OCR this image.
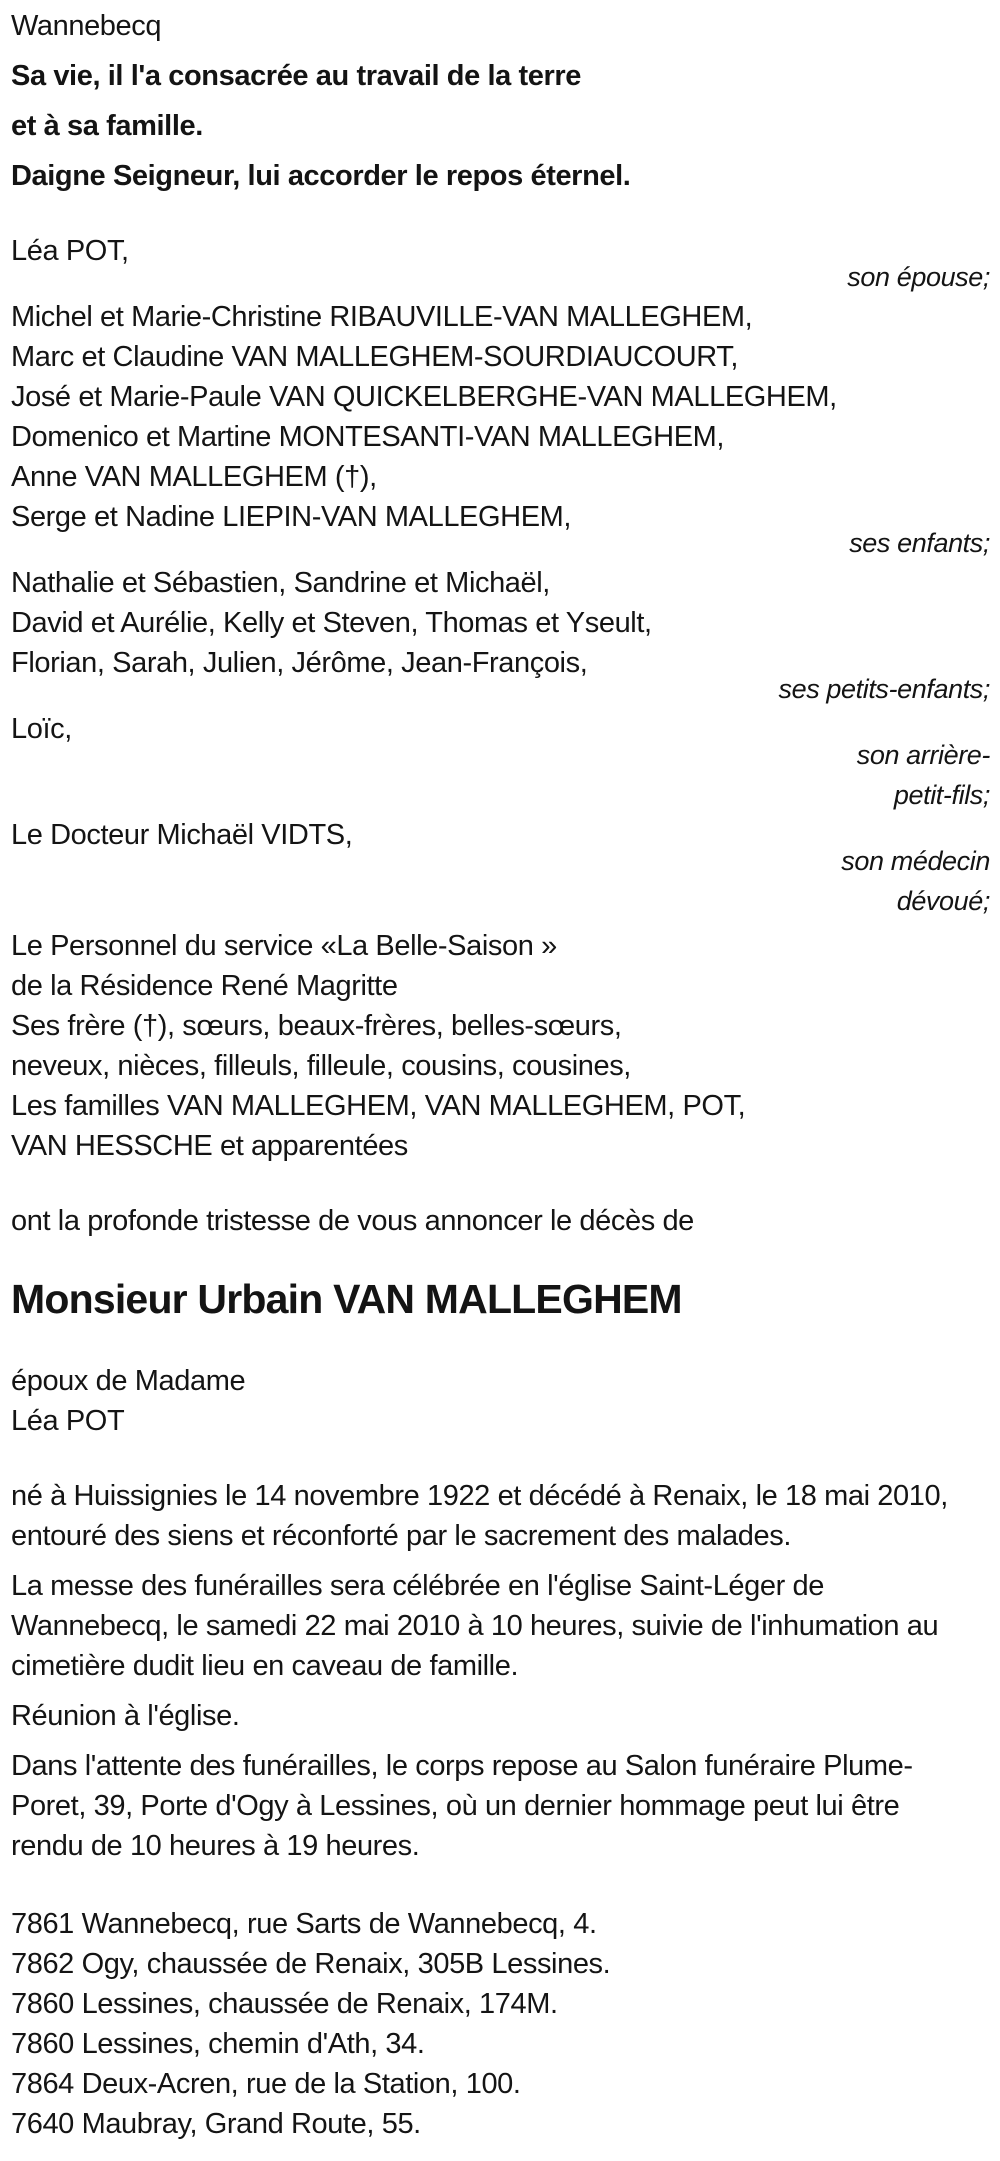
Wannebecq

Sa vie, il l'a consacrée au travail de la terre

et à sa famille.

Daigne Seigneur, lui accorder le repos éternel.

Léa POT,

son épouse;

Michel et Marie-Christine RIBAUVILLE-VAN MALLEGHEM,

Marc et Claudine VAN MALLEGHEM-SOURDIAUCOURT,

José et Marie-Paule VAN QUICKELBERGHE-VAN MALLEGHEM,

Domenico et Martine MONTESANTI-VAN MALLEGHEM,

Anne VAN MALLEGHEM (†),

Serge et Nadine LIEPIN-VAN MALLEGHEM,

ses enfants;

Nathalie et Sébastien, Sandrine et Michaël,

David et Aurélie, Kelly et Steven, Thomas et Yseult,

Florian, Sarah, Julien, Jérôme, Jean-François,

ses petits-enfants;

Loïc,

son arrière-

petit-fils;

Le Docteur Michaël VIDTS,

son médecin

dévoué;

Le Personnel du service «La Belle-Saison »

de la Résidence René Magritte

Ses frère (†), sœurs, beaux-frères, belles-sœurs,

neveux, nièces, filleuls, filleule, cousins, cousines,

Les familles VAN MALLEGHEM, VAN MALLEGHEM, POT,

VAN HESSCHE et apparentées

ont la profonde tristesse de vous annoncer le décès de

Monsieur Urbain VAN MALLEGHEM

époux de Madame

Léa POT

né à Huissignies le 14 novembre 1922 et décédé à Renaix, le 18 mai 2010,

entouré des siens et réconforté par le sacrement des malades.

La messe des funérailles sera célébrée en l'église Saint-Léger de

Wannebecq, le samedi 22 mai 2010 à 10 heures, suivie de l'inhumation au

cimetière dudit lieu en caveau de famille.

Réunion à l'église.

Dans l'attente des funérailles, le corps repose au Salon funéraire Plume-

Poret, 39, Porte d'Ogy à Lessines, où un dernier hommage peut lui être

rendu de 10 heures à 19 heures.

7861 Wannebecq, rue Sarts de Wannebecq, 4.

7862 Ogy, chaussée de Renaix, 305B Lessines.

7860 Lessines, chaussée de Renaix, 174M.

7860 Lessines, chemin d'Ath, 34.

7864 Deux-Acren, rue de la Station, 100.

7640 Maubray, Grand Route, 55.
